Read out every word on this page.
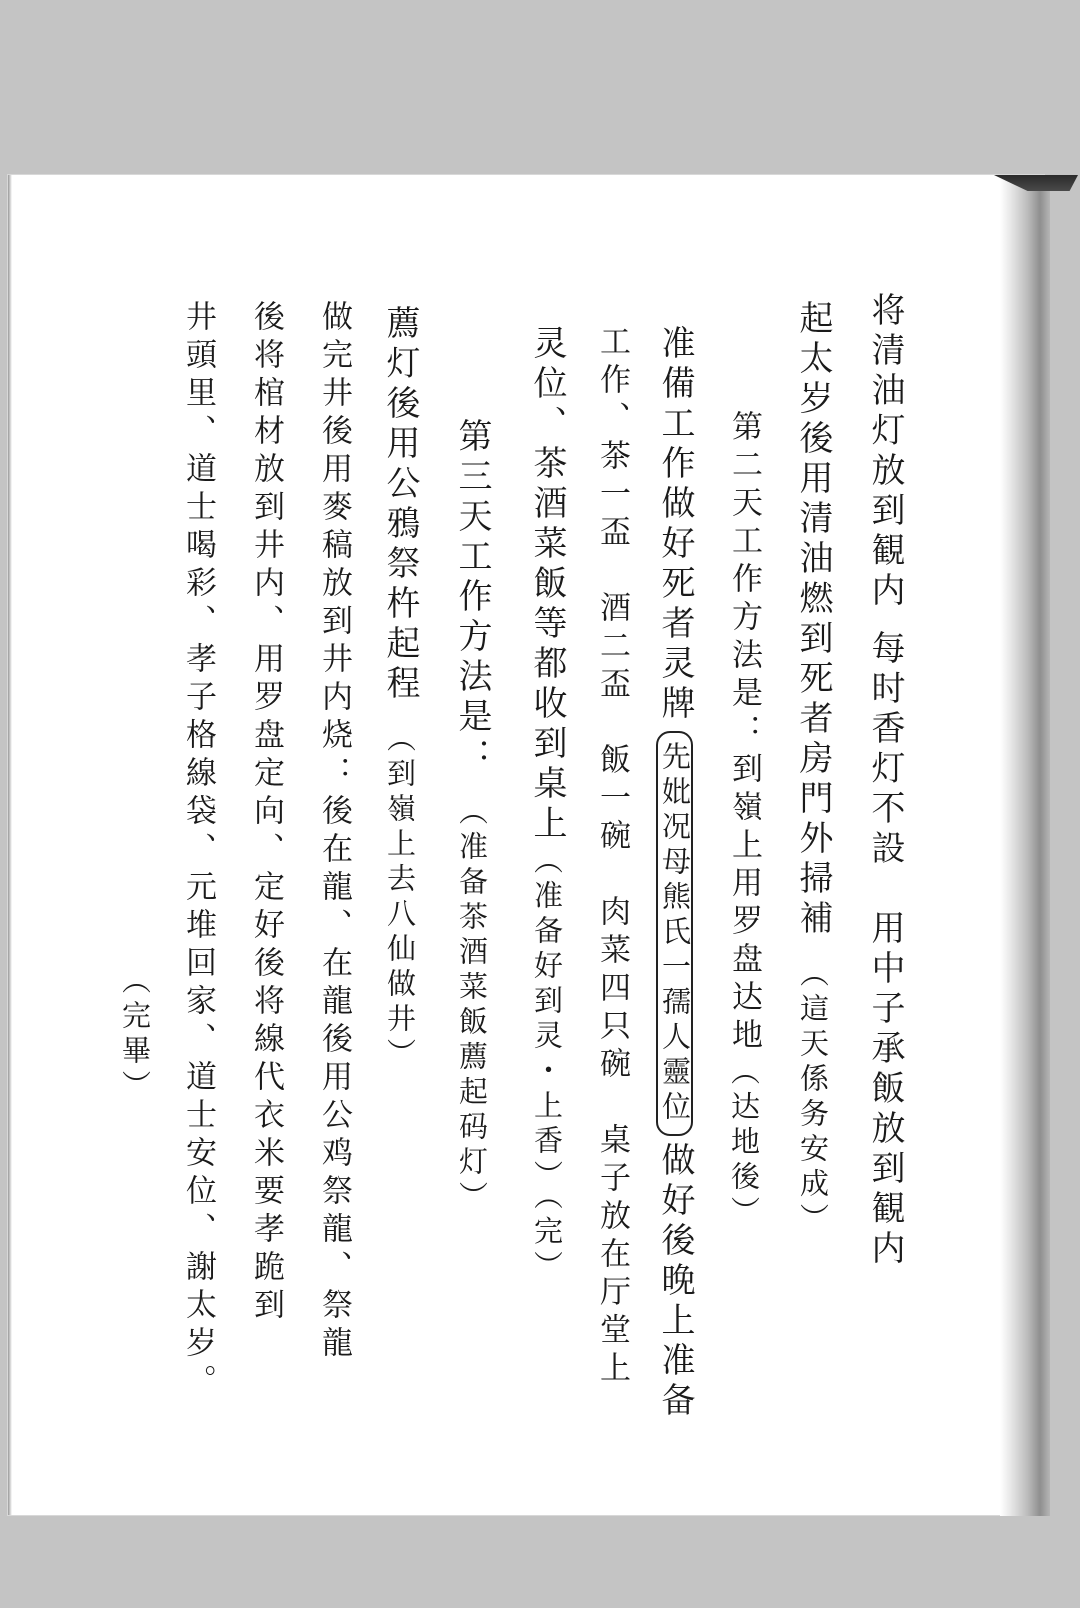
将清油灯放到観内每时香灯不設　用中子承飯放到観内
起太岁後用清油燃到死者房門外掃補（這天係务安成）
第二天工作方法是：到嶺上用罗盘达地（达地後）
准備工作做好死者灵牌先妣况母熊氏一孺人靈位做好後晚上准备
工作、茶一盃　酒二盃　飯一碗　肉菜四只碗　桌子放在厅堂上
灵位、茶酒菜飯等都收到桌上（准备好到灵・上香）（完）
第三天工作方法是：（准备茶酒菜飯薦起码灯）
薦灯後用公鴉祭杵起程（到嶺上去八仙做井）
做完井後用麥稿放到井内烧：後在龍、在龍後用公鸡祭龍、祭龍
後将棺材放到井内、用罗盘定向、定好後将線代衣米要孝跪到
井頭里、道士喝彩、孝子格線袋、元堆回家、道士安位、謝太岁。
（完畢）
